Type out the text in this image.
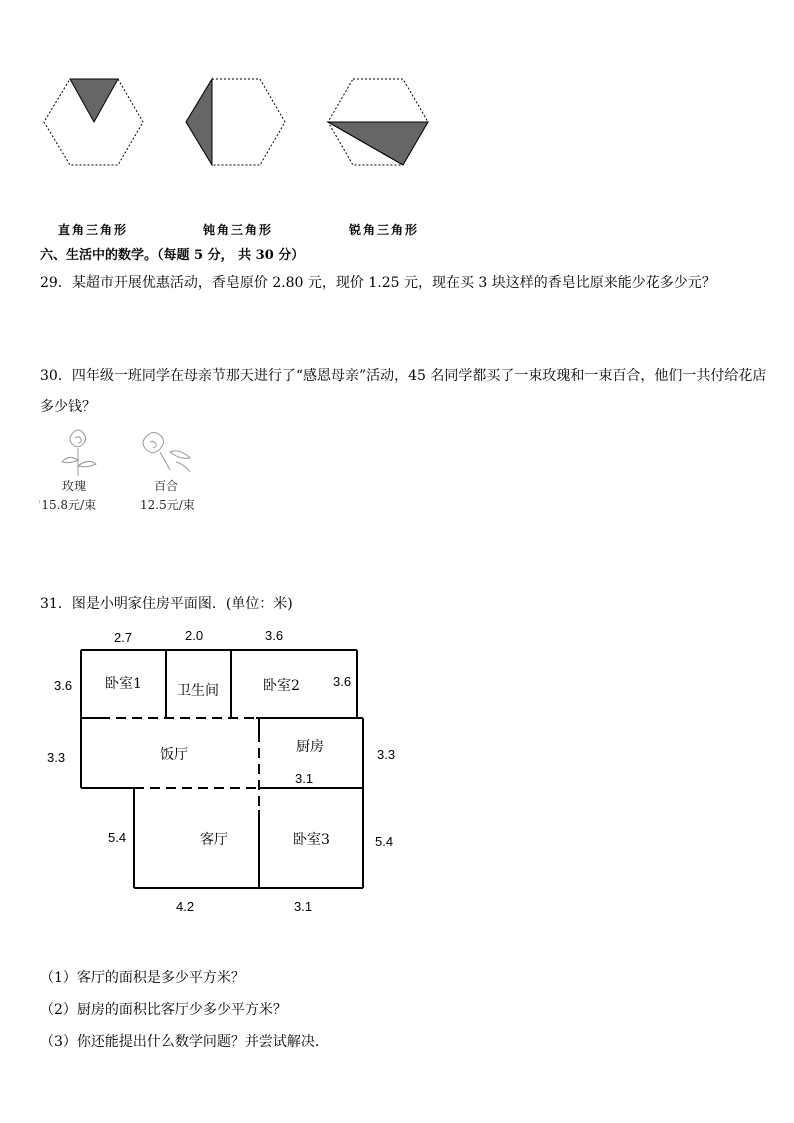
直角三角形	钝角三角形	锐角三角形
六、生活中的数学。（每题 5 分， 共 30 分）
29．某超市开展优惠活动，香皂原价 2.80 元，现价 1.25 元，现在买 3 块这样的香皂比原来能少花多少元？
30．四年级一班同学在母亲节那天进行了“感恩母亲”活动，45 名同学都买了一束玫瑰和一束百合，他们一共付给花店
多少钱？
玫瑰
'15.8元/束
百合
12.5元/束
31．图是小明家住房平面图．(单位：米)
2.7	2.0	3.6
3.6	3.6
3.3	3.3
3.1
5.4	5.4
4.2	3.1
卧室1	卫生间	卧室2
饭厅	厨房
客厅	卧室3
（1）客厅的面积是多少平方米？
（2）厨房的面积比客厅少多少平方米？
（3）你还能提出什么数学问题？并尝试解决．
